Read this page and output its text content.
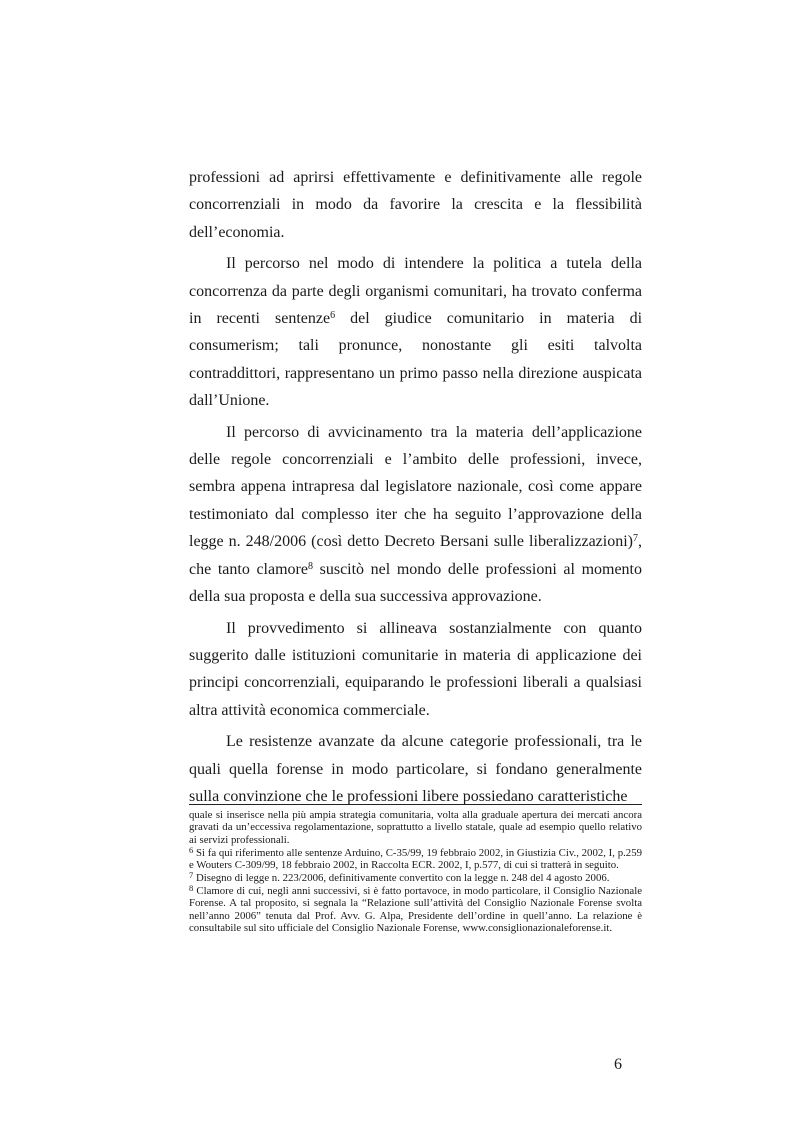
professioni ad aprirsi effettivamente e definitivamente alle regole concorrenziali in modo da favorire la crescita e la flessibilità dell’economia.

Il percorso nel modo di intendere la politica a tutela della concorrenza da parte degli organismi comunitari, ha trovato conferma in recenti sentenze$^6$ del giudice comunitario in materia di consumerism; tali pronunce, nonostante gli esiti talvolta contraddittori, rappresentano un primo passo nella direzione auspicata dall’Unione.

Il percorso di avvicinamento tra la materia dell’applicazione delle regole concorrenziali e l’ambito delle professioni, invece, sembra appena intrapresa dal legislatore nazionale, così come appare testimoniato dal complesso iter che ha seguito l’approvazione della legge n. 248/2006 (così detto Decreto Bersani sulle liberalizzazioni)$^7$, che tanto clamore$^8$ suscitò nel mondo delle professioni al momento della sua proposta e della sua successiva approvazione.

Il provvedimento si allineava sostanzialmente con quanto suggerito dalle istituzioni comunitarie in materia di applicazione dei principi concorrenziali, equiparando le professioni liberali a qualsiasi altra attività economica commerciale.

Le resistenze avanzate da alcune categorie professionali, tra le quali quella forense in modo particolare, si fondano generalmente sulla convinzione che le professioni libere possiedano caratteristiche

quale si inserisce nella più ampia strategia comunitaria, volta alla graduale apertura dei mercati ancora gravati da un’eccessiva regolamentazione, soprattutto a livello statale, quale ad esempio quello relativo ai servizi professionali.

$^6$ Si fa qui riferimento alle sentenze Arduino, C-35/99, 19 febbraio 2002, in Giustizia Civ., 2002, I, p.259 e Wouters C-309/99, 18 febbraio 2002, in Raccolta ECR. 2002, I, p.577, di cui si tratterà in seguito.

$^7$ Disegno di legge n. 223/2006, definitivamente convertito con la legge n. 248 del 4 agosto 2006.

$^8$ Clamore di cui, negli anni successivi, si è fatto portavoce, in modo particolare, il Consiglio Nazionale Forense. A tal proposito, si segnala la “Relazione sull’attività del Consiglio Nazionale Forense svolta nell’anno 2006” tenuta dal Prof. Avv. G. Alpa, Presidente dell’ordine in quell’anno. La relazione è consultabile sul sito ufficiale del Consiglio Nazionale Forense, www.consiglionazionaleforense.it.

6
